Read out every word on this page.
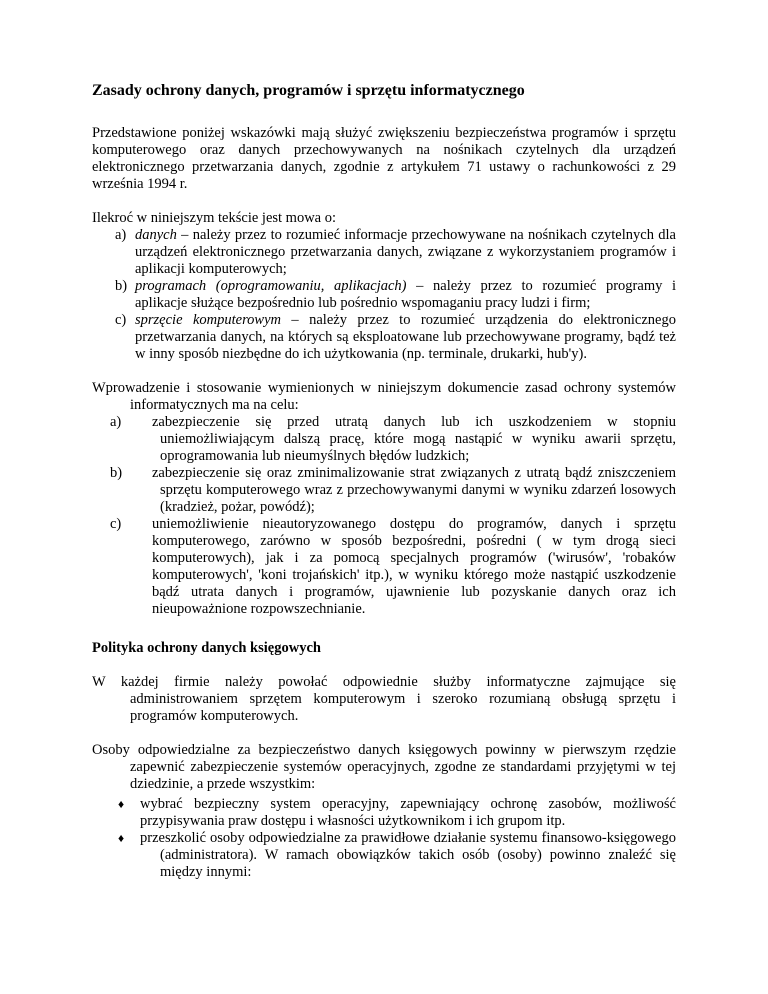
Zasady ochrony danych, programów i sprzętu informatycznego

Przedstawione poniżej wskazówki mają służyć zwiększeniu bezpieczeństwa programów i sprzętu komputerowego oraz danych przechowywanych na nośnikach czytelnych dla urządzeń elektronicznego przetwarzania danych, zgodnie z artykułem 71 ustawy o rachunkowości z 29 września 1994 r.

Ilekroć w niniejszym tekście jest mowa o:

a) danych – należy przez to rozumieć informacje przechowywane na nośnikach czytelnych dla urządzeń elektronicznego przetwarzania danych, związane z wykorzystaniem programów i aplikacji komputerowych;
b) programach (oprogramowaniu, aplikacjach) – należy przez to rozumieć programy i aplikacje służące bezpośrednio lub pośrednio wspomaganiu pracy ludzi i firm;
c) sprzęcie komputerowym – należy przez to rozumieć urządzenia do elektronicznego przetwarzania danych, na których są eksploatowane lub przechowywane programy, bądź też w inny sposób niezbędne do ich użytkowania (np. terminale, drukarki, hub'y).

Wprowadzenie i stosowanie wymienionych w niniejszym dokumencie zasad ochrony systemów informatycznych ma na celu:

a) zabezpieczenie się przed utratą danych lub ich uszkodzeniem w stopniu uniemożliwiającym dalszą pracę, które mogą nastąpić w wyniku awarii sprzętu, oprogramowania lub nieumyślnych błędów ludzkich;
b) zabezpieczenie się oraz zminimalizowanie strat związanych z utratą bądź zniszczeniem sprzętu komputerowego wraz z przechowywanymi danymi w wyniku zdarzeń losowych (kradzież, pożar, powódź);
c) uniemożliwienie nieautoryzowanego dostępu do programów, danych i sprzętu komputerowego, zarówno w sposób bezpośredni, pośredni ( w tym drogą sieci komputerowych), jak i za pomocą specjalnych programów ('wirusów', 'robaków komputerowych', 'koni trojańskich' itp.), w wyniku którego może nastąpić uszkodzenie bądź utrata danych i programów, ujawnienie lub pozyskanie danych oraz ich nieupoważnione rozpowszechnianie.
Polityka ochrony danych księgowych

W każdej firmie należy powołać odpowiednie służby informatyczne zajmujące się administrowaniem sprzętem komputerowym i szeroko rozumianą obsługą sprzętu i programów komputerowych.

Osoby odpowiedzialne za bezpieczeństwo danych księgowych powinny w pierwszym rzędzie zapewnić zabezpieczenie systemów operacyjnych, zgodne ze standardami przyjętymi w tej dziedzinie, a przede wszystkim:

♦ wybrać bezpieczny system operacyjny, zapewniający ochronę zasobów, możliwość przypisywania praw dostępu i własności użytkownikom i ich grupom itp.
♦ przeszkolić osoby odpowiedzialne za prawidłowe działanie systemu finansowo-księgowego (administratora). W ramach obowiązków takich osób (osoby) powinno znaleźć się między innymi:
